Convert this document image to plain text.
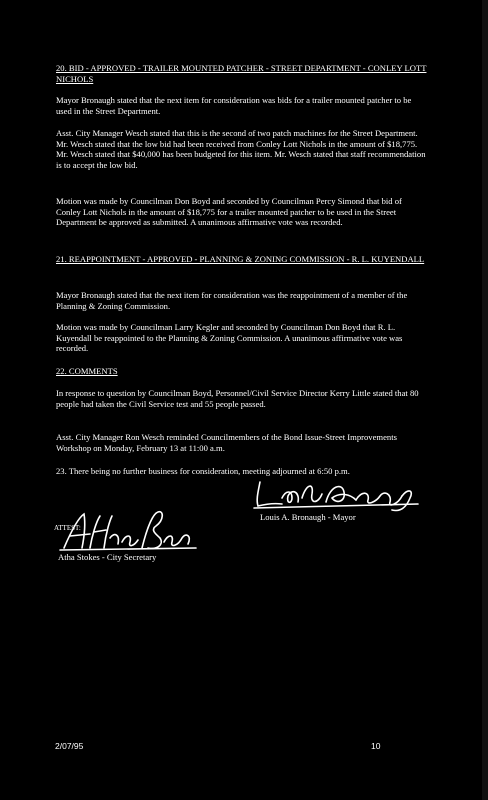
20. BID - APPROVED - TRAILER MOUNTED PATCHER - STREET DEPARTMENT - CONLEY LOTT NICHOLS
Mayor Bronaugh stated that the next item for consideration was bids for a trailer mounted patcher to be used in the Street Department.
Asst. City Manager Wesch stated that this is the second of two patch machines for the Street Department. Mr. Wesch stated that the low bid had been received from Conley Lott Nichols in the amount of $18,775. Mr. Wesch stated that $40,000 has been budgeted for this item. Mr. Wesch stated that staff recommendation is to accept the low bid.
Motion was made by Councilman Don Boyd and seconded by Councilman Percy Simond that bid of Conley Lott Nichols in the amount of $18,775 for a trailer mounted patcher to be used in the Street Department be approved as submitted. A unanimous affirmative vote was recorded.
21. REAPPOINTMENT - APPROVED - PLANNING & ZONING COMMISSION - R. L. KUYENDALL
Mayor Bronaugh stated that the next item for consideration was the reappointment of a member of the Planning & Zoning Commission.
Motion was made by Councilman Larry Kegler and seconded by Councilman Don Boyd that R. L. Kuyendall be reappointed to the Planning & Zoning Commission. A unanimous affirmative vote was recorded.
22. COMMENTS
In response to question by Councilman Boyd, Personnel/Civil Service Director Kerry Little stated that 80 people had taken the Civil Service test and 55 people passed.
Asst. City Manager Ron Wesch reminded Councilmembers of the Bond Issue-Street Improvements Workshop on Monday, February 13 at 11:00 a.m.
23. There being no further business for consideration, meeting adjourned at 6:50 p.m.
Louis A. Bronaugh - Mayor
ATTEST:
Atha Stokes - City Secretary
2/07/95	10
